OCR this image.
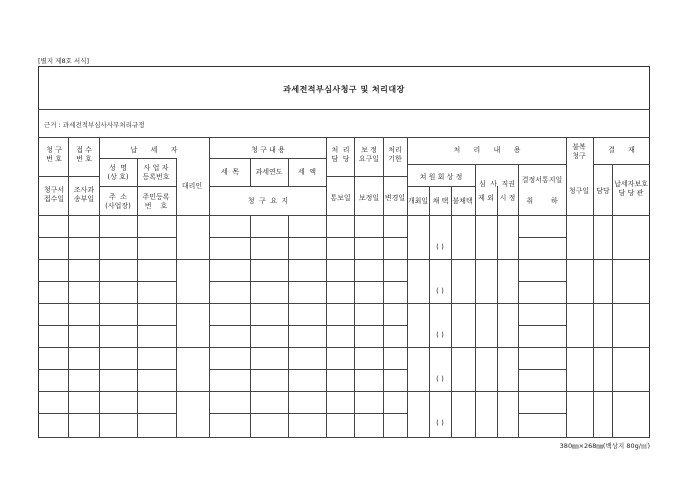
[별지 제8호 서식]
과세전적부심사청구 및 처리대장
근거 : 과세전적부심사사무처리규정
청 구
번 호
접 수
번 호
청구서
접수일
조사과
송부일
납      세      자
성  명
(상 호)
사 업 자
등록번호
주  소
(사업장)
주민등록
번    호
대리인
청 구 내 용
세  목	과세연도	세  액
청  구  요  지
처  리
담  당
통보일
보 정
요구일
보정일
처리
기한
변경일
처      리      내      용
쳐 원 회 상 정
개최일 채 택 불채택
심  사  직권
제 외 시 정
결정서통지일
취        하
불복
청구
청구일
결      재
담당
납세자보호
담 당 관
( )
( )
( )
( )
( )
380㎜×268㎜(백상지 80g/㎡)
